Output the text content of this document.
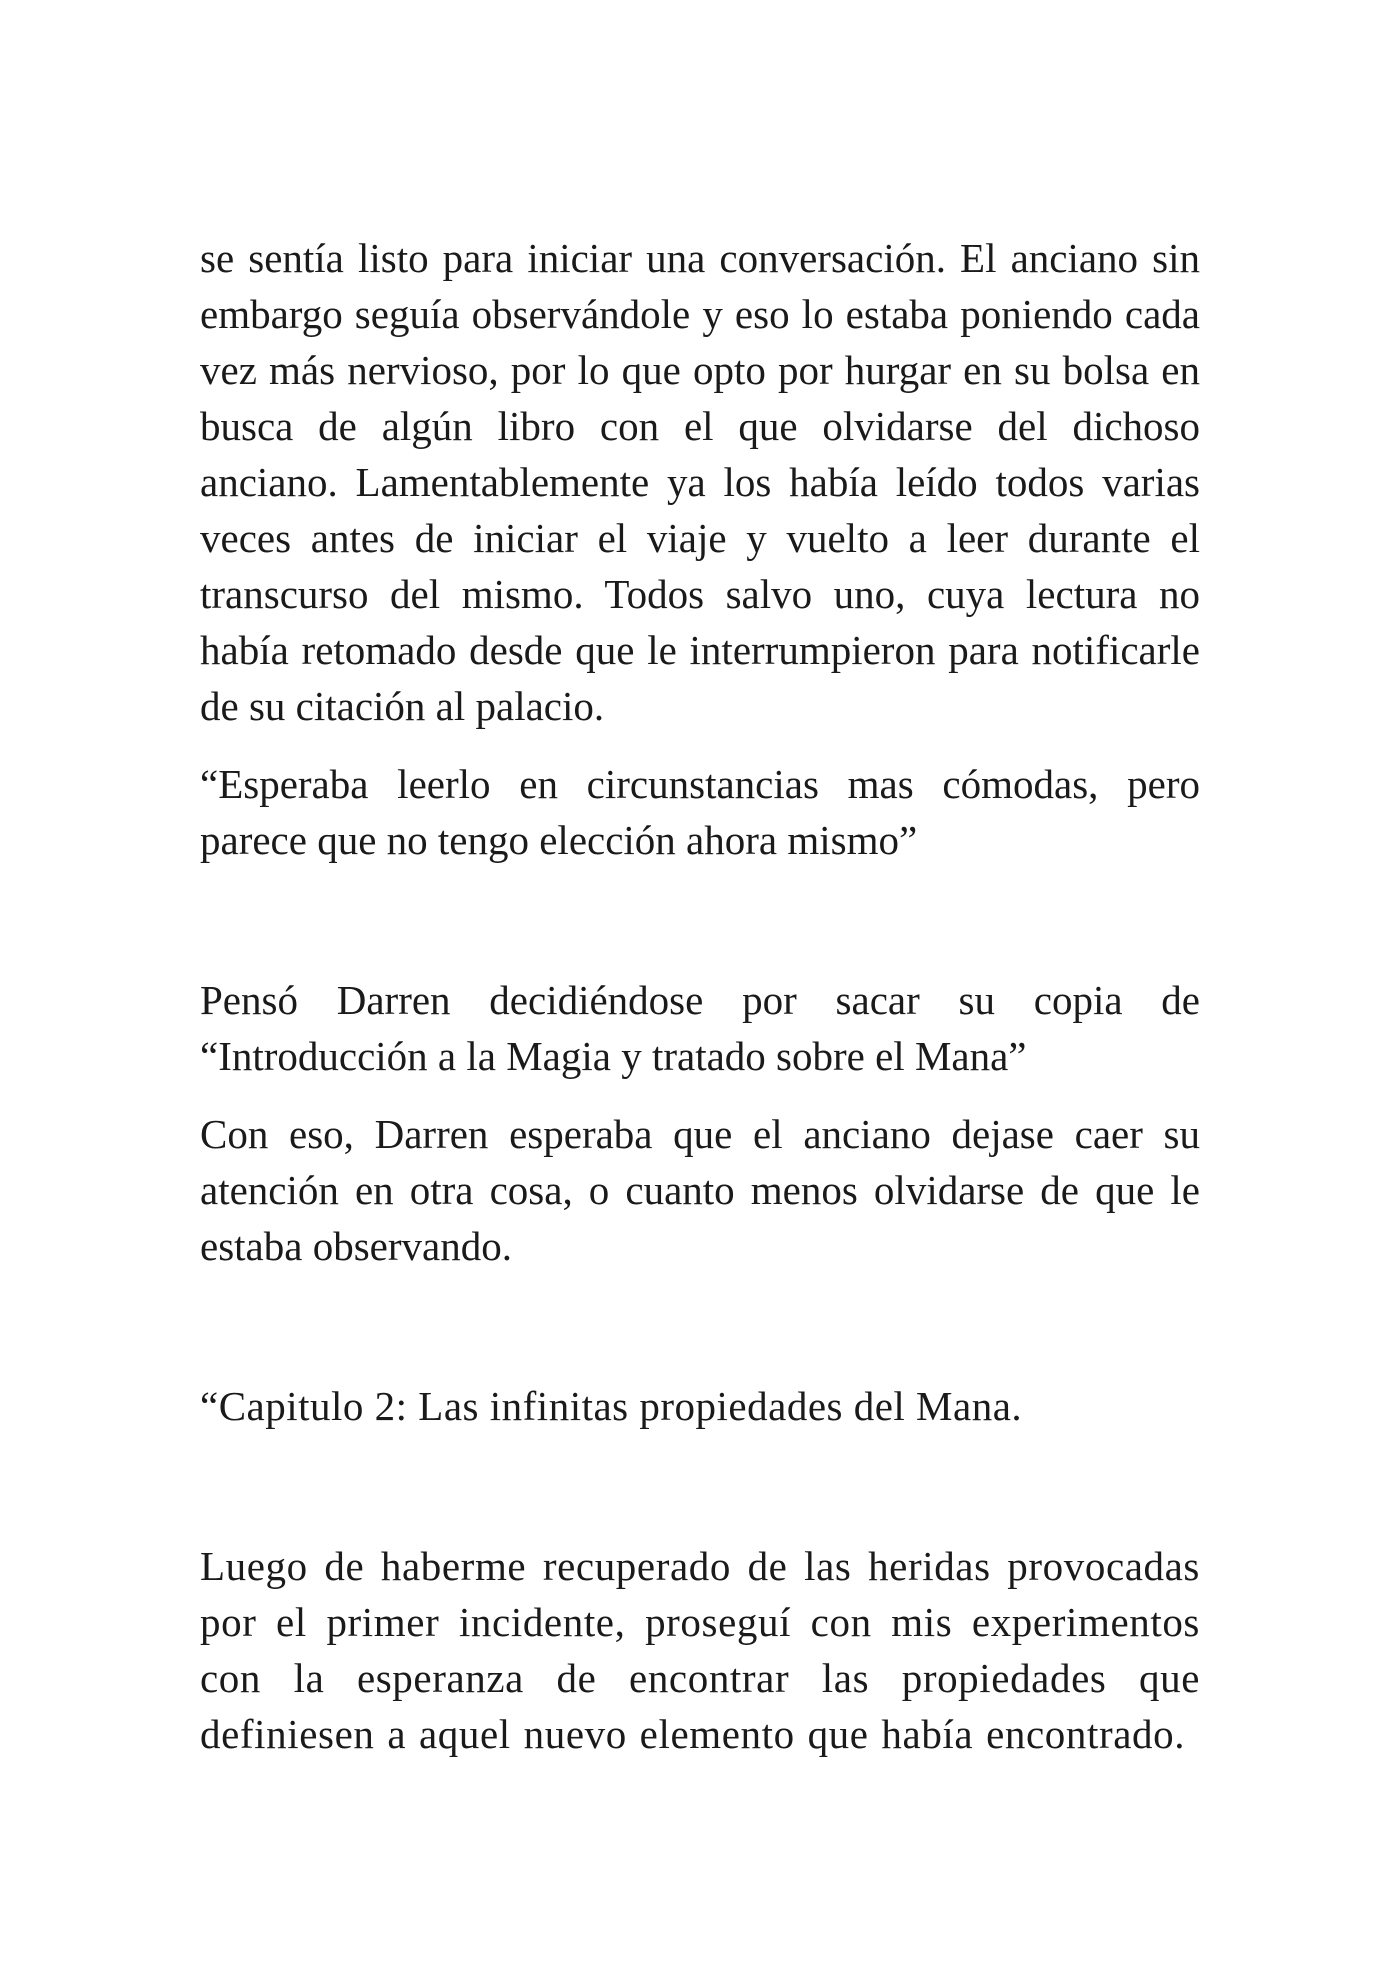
se sentía listo para iniciar una conversación. El anciano sin embargo seguía observándole y eso lo estaba poniendo cada vez más nervioso, por lo que opto por hurgar en su bolsa en busca de algún libro con el que olvidarse del dichoso anciano. Lamentablemente ya los había leído todos varias veces antes de iniciar el viaje y vuelto a leer durante el transcurso del mismo. Todos salvo uno, cuya lectura no había retomado desde que le interrumpieron para notificarle de su citación al palacio.

“Esperaba leerlo en circunstancias mas cómodas, pero parece que no tengo elección ahora mismo”

Pensó Darren decidiéndose por sacar su copia de “Introducción a la Magia y tratado sobre el Mana”

Con eso, Darren esperaba que el anciano dejase caer su atención en otra cosa, o cuanto menos olvidarse de que le estaba observando.

“Capitulo 2: Las infinitas propiedades del Mana.

Luego de haberme recuperado de las heridas provocadas por el primer incidente, proseguí con mis experimentos con la esperanza de encontrar las propiedades que definiesen a aquel nuevo elemento que había encontrado.
